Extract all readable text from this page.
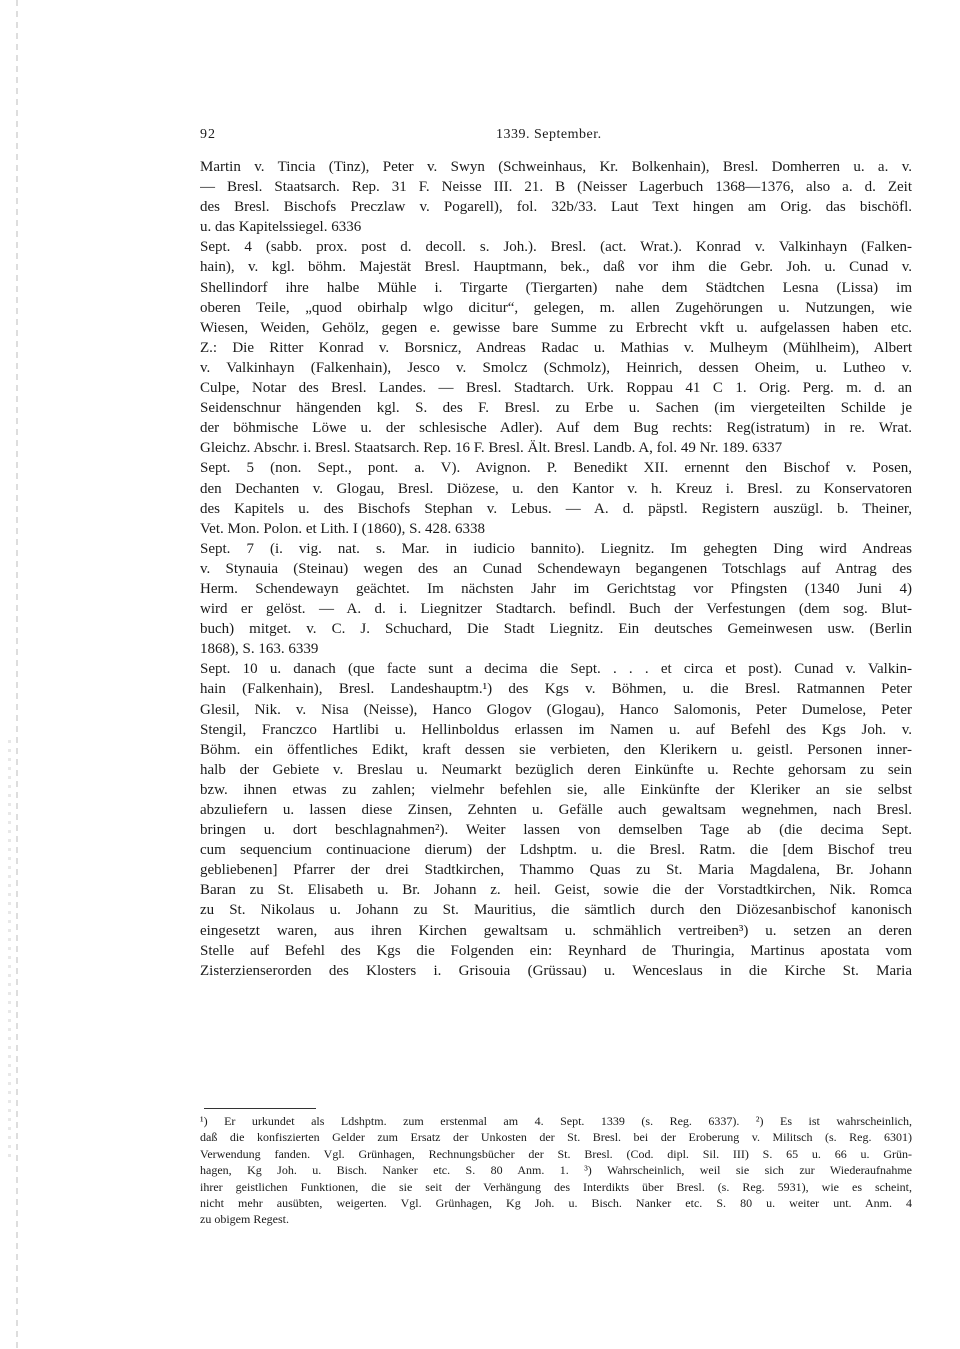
92	1339. September.
Martin v. Tincia (Tinz), Peter v. Swyn (Schweinhaus, Kr. Bolkenhain), Bresl. Domherren u. a. v.
— Bresl. Staatsarch. Rep. 31 F. Neisse III. 21. B (Neisser Lagerbuch 1368—1376, also a. d. Zeit
des Bresl. Bischofs Preczlaw v. Pogarell), fol. 32b/33. Laut Text hingen am Orig. das bischöfl.
u. das Kapitelssiegel. 6336
Sept. 4 (sabb. prox. post d. decoll. s. Joh.). Bresl. (act. Wrat.). Konrad v. Valkinhayn (Falken-
hain), v. kgl. böhm. Majestät Bresl. Hauptmann, bek., daß vor ihm die Gebr. Joh. u. Cunad v.
Shellindorf ihre halbe Mühle i. Tirgarte (Tiergarten) nahe dem Städtchen Lesna (Lissa) im
oberen Teile, „quod obirhalp wlgo dicitur“, gelegen, m. allen Zugehörungen u. Nutzungen, wie
Wiesen, Weiden, Gehölz, gegen e. gewisse bare Summe zu Erbrecht vkft u. aufgelassen haben etc.
Z.: Die Ritter Konrad v. Borsnicz, Andreas Radac u. Mathias v. Mulheym (Mühlheim), Albert
v. Valkinhayn (Falkenhain), Jesco v. Smolcz (Schmolz), Heinrich, dessen Oheim, u. Lutheo v.
Culpe, Notar des Bresl. Landes. — Bresl. Stadtarch. Urk. Roppau 41 C 1. Orig. Perg. m. d. an
Seidenschnur hängenden kgl. S. des F. Bresl. zu Erbe u. Sachen (im viergeteilten Schilde je
der böhmische Löwe u. der schlesische Adler). Auf dem Bug rechts: Reg(istratum) in re. Wrat.
Gleichz. Abschr. i. Bresl. Staatsarch. Rep. 16 F. Bresl. Ält. Bresl. Landb. A, fol. 49 Nr. 189. 6337
Sept. 5 (non. Sept., pont. a. V). Avignon. P. Benedikt XII. ernennt den Bischof v. Posen,
den Dechanten v. Glogau, Bresl. Diözese, u. den Kantor v. h. Kreuz i. Bresl. zu Konservatoren
des Kapitels u. des Bischofs Stephan v. Lebus. — A. d. päpstl. Registern auszügl. b. Theiner,
Vet. Mon. Polon. et Lith. I (1860), S. 428. 6338
Sept. 7 (i. vig. nat. s. Mar. in iudicio bannito). Liegnitz. Im gehegten Ding wird Andreas
v. Stynauia (Steinau) wegen des an Cunad Schendewayn begangenen Totschlags auf Antrag des
Herm. Schendewayn geächtet. Im nächsten Jahr im Gerichtstag vor Pfingsten (1340 Juni 4)
wird er gelöst. — A. d. i. Liegnitzer Stadtarch. befindl. Buch der Verfestungen (dem sog. Blut-
buch) mitget. v. C. J. Schuchard, Die Stadt Liegnitz. Ein deutsches Gemeinwesen usw. (Berlin
1868), S. 163. 6339
Sept. 10 u. danach (que facte sunt a decima die Sept. . . . et circa et post). Cunad v. Valkin-
hain (Falkenhain), Bresl. Landeshauptm.¹) des Kgs v. Böhmen, u. die Bresl. Ratmannen Peter
Glesil, Nik. v. Nisa (Neisse), Hanco Glogov (Glogau), Hanco Salomonis, Peter Dumelose, Peter
Stengil, Franczco Hartlibi u. Hellinboldus erlassen im Namen u. auf Befehl des Kgs Joh. v.
Böhm. ein öffentliches Edikt, kraft dessen sie verbieten, den Klerikern u. geistl. Personen inner-
halb der Gebiete v. Breslau u. Neumarkt bezüglich deren Einkünfte u. Rechte gehorsam zu sein
bzw. ihnen etwas zu zahlen; vielmehr befehlen sie, alle Einkünfte der Kleriker an sie selbst
abzuliefern u. lassen diese Zinsen, Zehnten u. Gefälle auch gewaltsam wegnehmen, nach Bresl.
bringen u. dort beschlagnahmen²). Weiter lassen von demselben Tage ab (die decima Sept.
cum sequencium continuacione dierum) der Ldshptm. u. die Bresl. Ratm. die [dem Bischof treu
gebliebenen] Pfarrer der drei Stadtkirchen, Thammo Quas zu St. Maria Magdalena, Br. Johann
Baran zu St. Elisabeth u. Br. Johann z. heil. Geist, sowie die der Vorstadtkirchen, Nik. Romca
zu St. Nikolaus u. Johann zu St. Mauritius, die sämtlich durch den Diözesanbischof kanonisch
eingesetzt waren, aus ihren Kirchen gewaltsam u. schmählich vertreiben³) u. setzen an deren
Stelle auf Befehl des Kgs die Folgenden ein: Reynhard de Thuringia, Martinus apostata vom
Zisterzienserorden des Klosters i. Grisouia (Grüssau) u. Wenceslaus in die Kirche St. Maria
¹) Er urkundet als Ldshptm. zum erstenmal am 4. Sept. 1339 (s. Reg. 6337). ²) Es ist wahrscheinlich,
daß die konfiszierten Gelder zum Ersatz der Unkosten der St. Bresl. bei der Eroberung v. Militsch (s. Reg. 6301)
Verwendung fanden. Vgl. Grünhagen, Rechnungsbücher der St. Bresl. (Cod. dipl. Sil. III) S. 65 u. 66 u. Grün-
hagen, Kg Joh. u. Bisch. Nanker etc. S. 80 Anm. 1. ³) Wahrscheinlich, weil sie sich zur Wiederaufnahme
ihrer geistlichen Funktionen, die sie seit der Verhängung des Interdikts über Bresl. (s. Reg. 5931), wie es scheint,
nicht mehr ausübten, weigerten. Vgl. Grünhagen, Kg Joh. u. Bisch. Nanker etc. S. 80 u. weiter unt. Anm. 4
zu obigem Regest.
